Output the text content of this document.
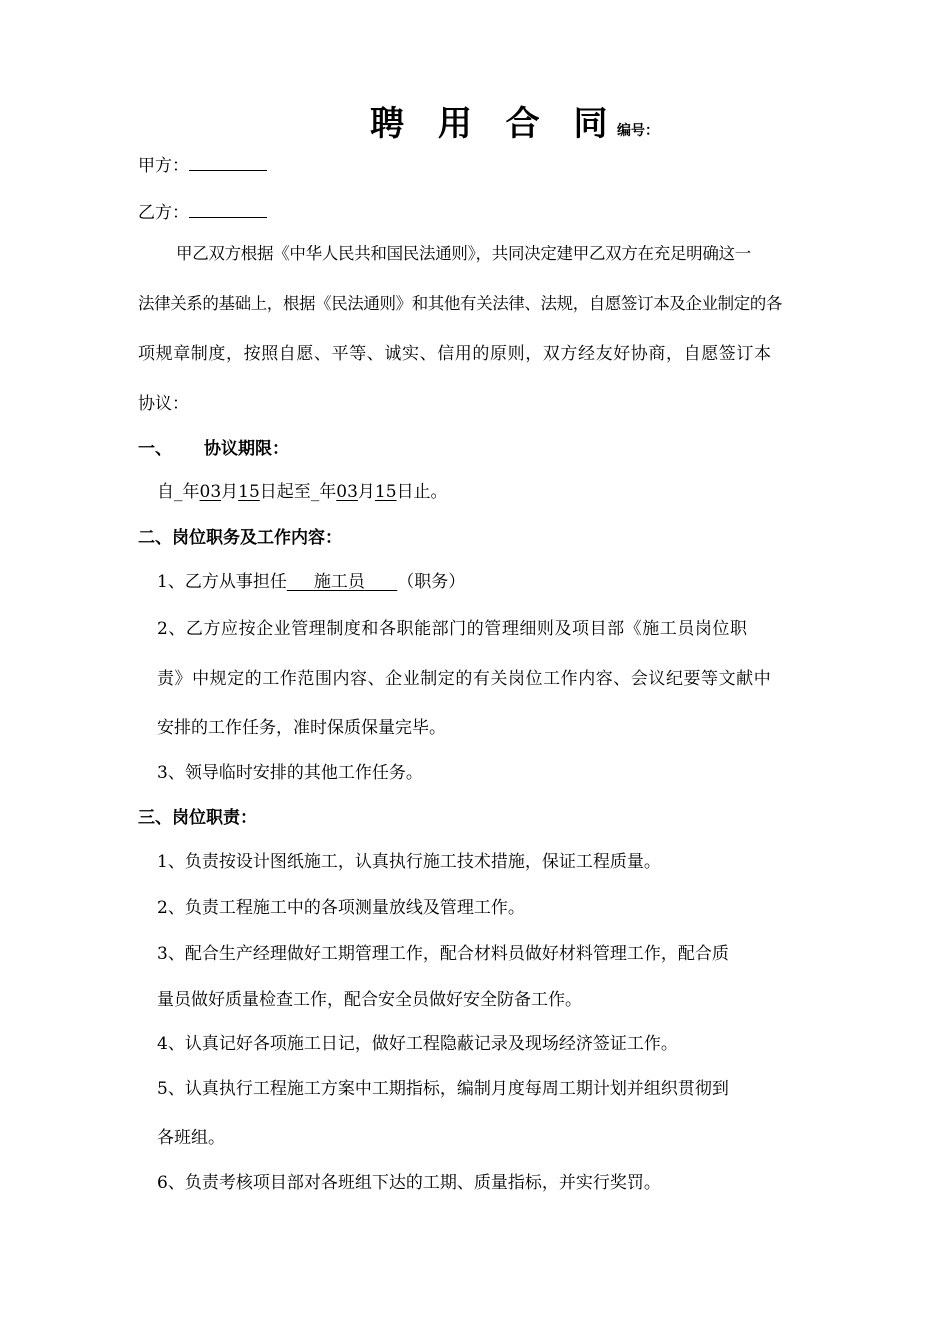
聘 用 合 同
编号：
甲方：
乙方：
甲乙双方根据《中华人民共和国民法通则》，共同决定建甲乙双方在充足明确这一
法律关系的基础上，根据《民法通则》和其他有关法律、法规，自愿签订本及企业制定的各
项规章制度，按照自愿、平等、诚实、信用的原则，双方经友好协商，自愿签订本
协议：
一、 协议期限：
自_年03月15日起至_年03月15日止。
二、岗位职务及工作内容：
1、乙方从事担任 施工员 （职务）
2、乙方应按企业管理制度和各职能部门的管理细则及项目部《施工员岗位职
责》中规定的工作范围内容、企业制定的有关岗位工作内容、会议纪要等文献中
安排的工作任务，准时保质保量完毕。
3、领导临时安排的其他工作任务。
三、岗位职责：
1、负责按设计图纸施工，认真执行施工技术措施，保证工程质量。
2、负责工程施工中的各项测量放线及管理工作。
3、配合生产经理做好工期管理工作，配合材料员做好材料管理工作，配合质
量员做好质量检查工作，配合安全员做好安全防备工作。
4、认真记好各项施工日记，做好工程隐蔽记录及现场经济签证工作。
5、认真执行工程施工方案中工期指标，编制月度每周工期计划并组织贯彻到
各班组。
6、负责考核项目部对各班组下达的工期、质量指标，并实行奖罚。
